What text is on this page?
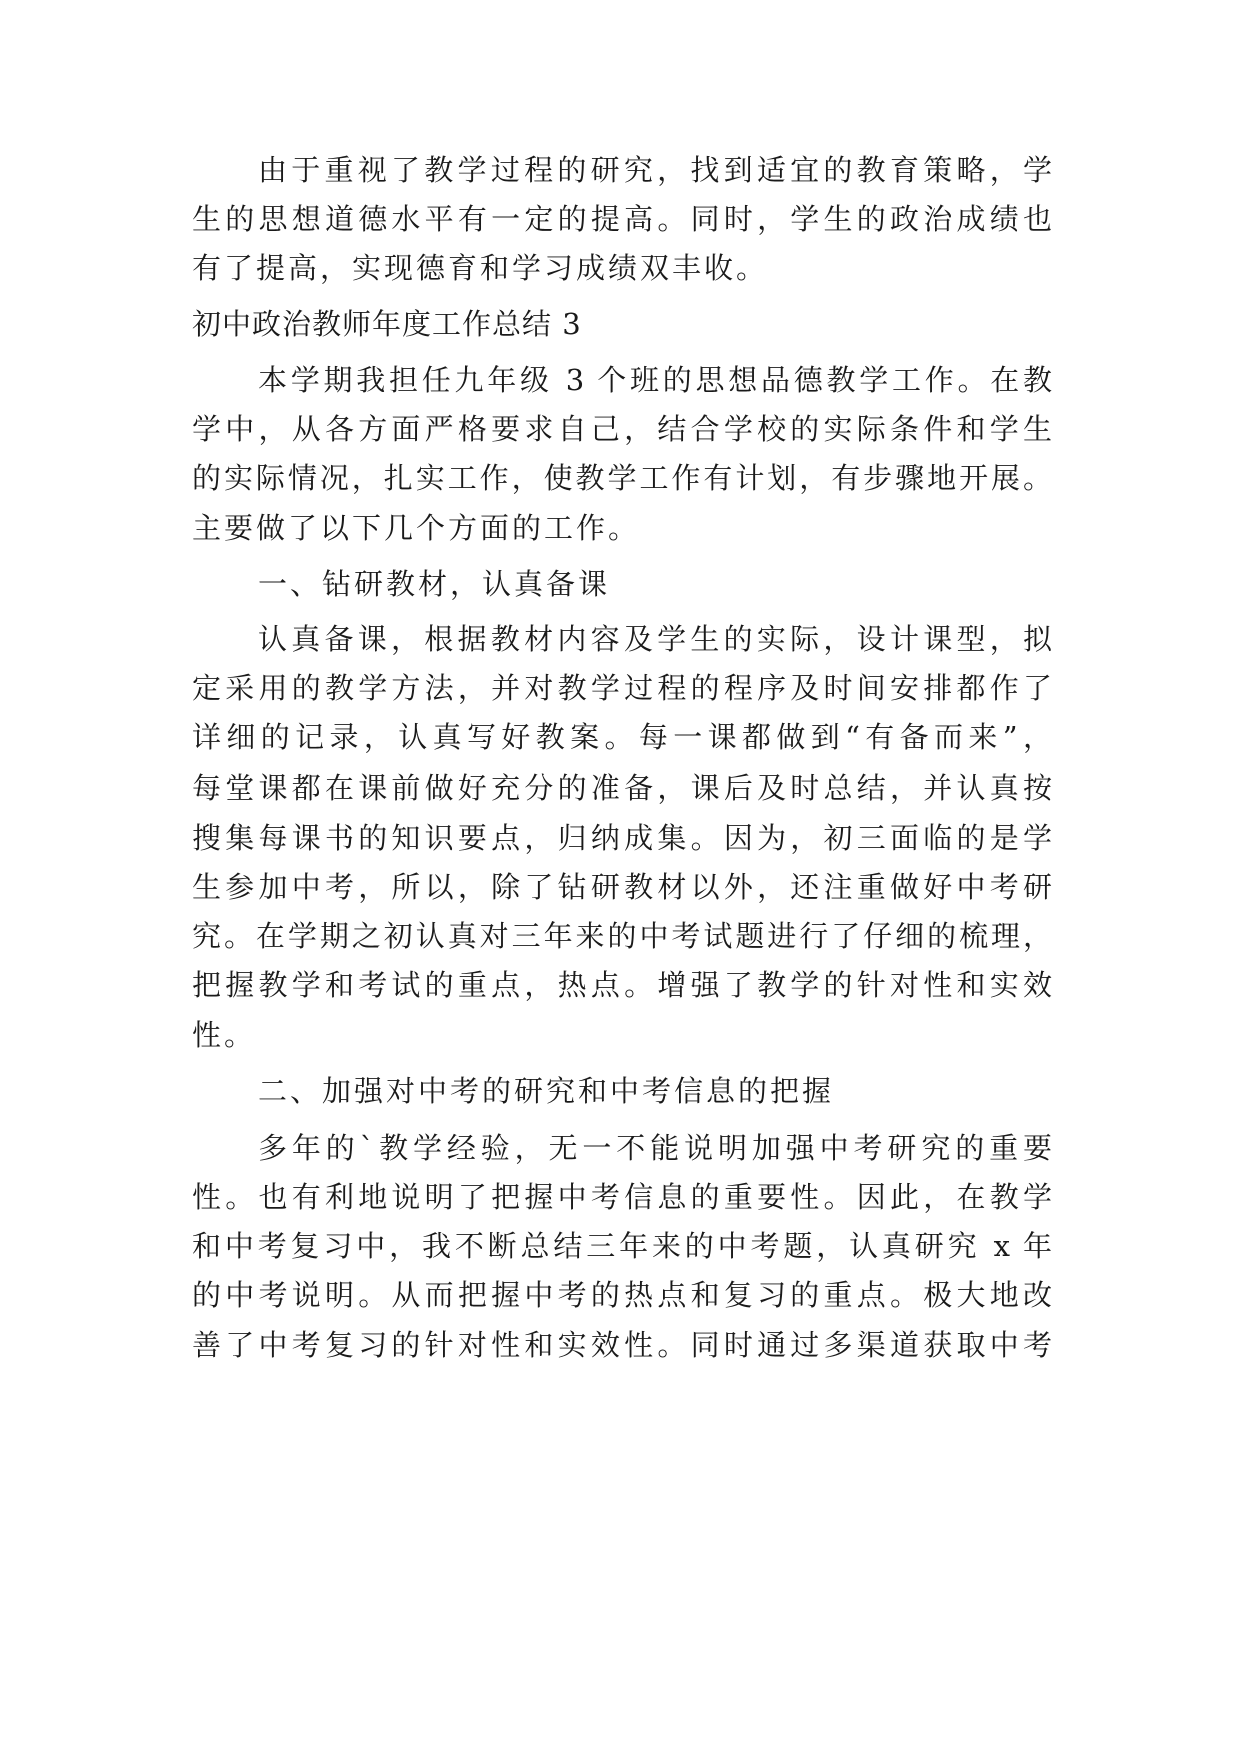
由于重视了教学过程的研究，找到适宜的教育策略，学
生的思想道德水平有一定的提高。同时，学生的政治成绩也
有了提高，实现德育和学习成绩双丰收。
初中政治教师年度工作总结 3
本学期我担任九年级 3 个班的思想品德教学工作。在教
学中，从各方面严格要求自己，结合学校的实际条件和学生
的实际情况，扎实工作，使教学工作有计划，有步骤地开展。
主要做了以下几个方面的工作。
一、钻研教材，认真备课
认真备课，根据教材内容及学生的实际，设计课型，拟
定采用的教学方法，并对教学过程的程序及时间安排都作了
详细的记录，认真写好教案。每一课都做到“有备而来”，
每堂课都在课前做好充分的准备，课后及时总结，并认真按
搜集每课书的知识要点，归纳成集。因为，初三面临的是学
生参加中考，所以，除了钻研教材以外，还注重做好中考研
究。在学期之初认真对三年来的中考试题进行了仔细的梳理，
把握教学和考试的重点，热点。增强了教学的针对性和实效
性。
二、加强对中考的研究和中考信息的把握
多年的`教学经验，无一不能说明加强中考研究的重要
性。也有利地说明了把握中考信息的重要性。因此，在教学
和中考复习中，我不断总结三年来的中考题，认真研究 x 年
的中考说明。从而把握中考的热点和复习的重点。极大地改
善了中考复习的针对性和实效性。同时通过多渠道获取中考
